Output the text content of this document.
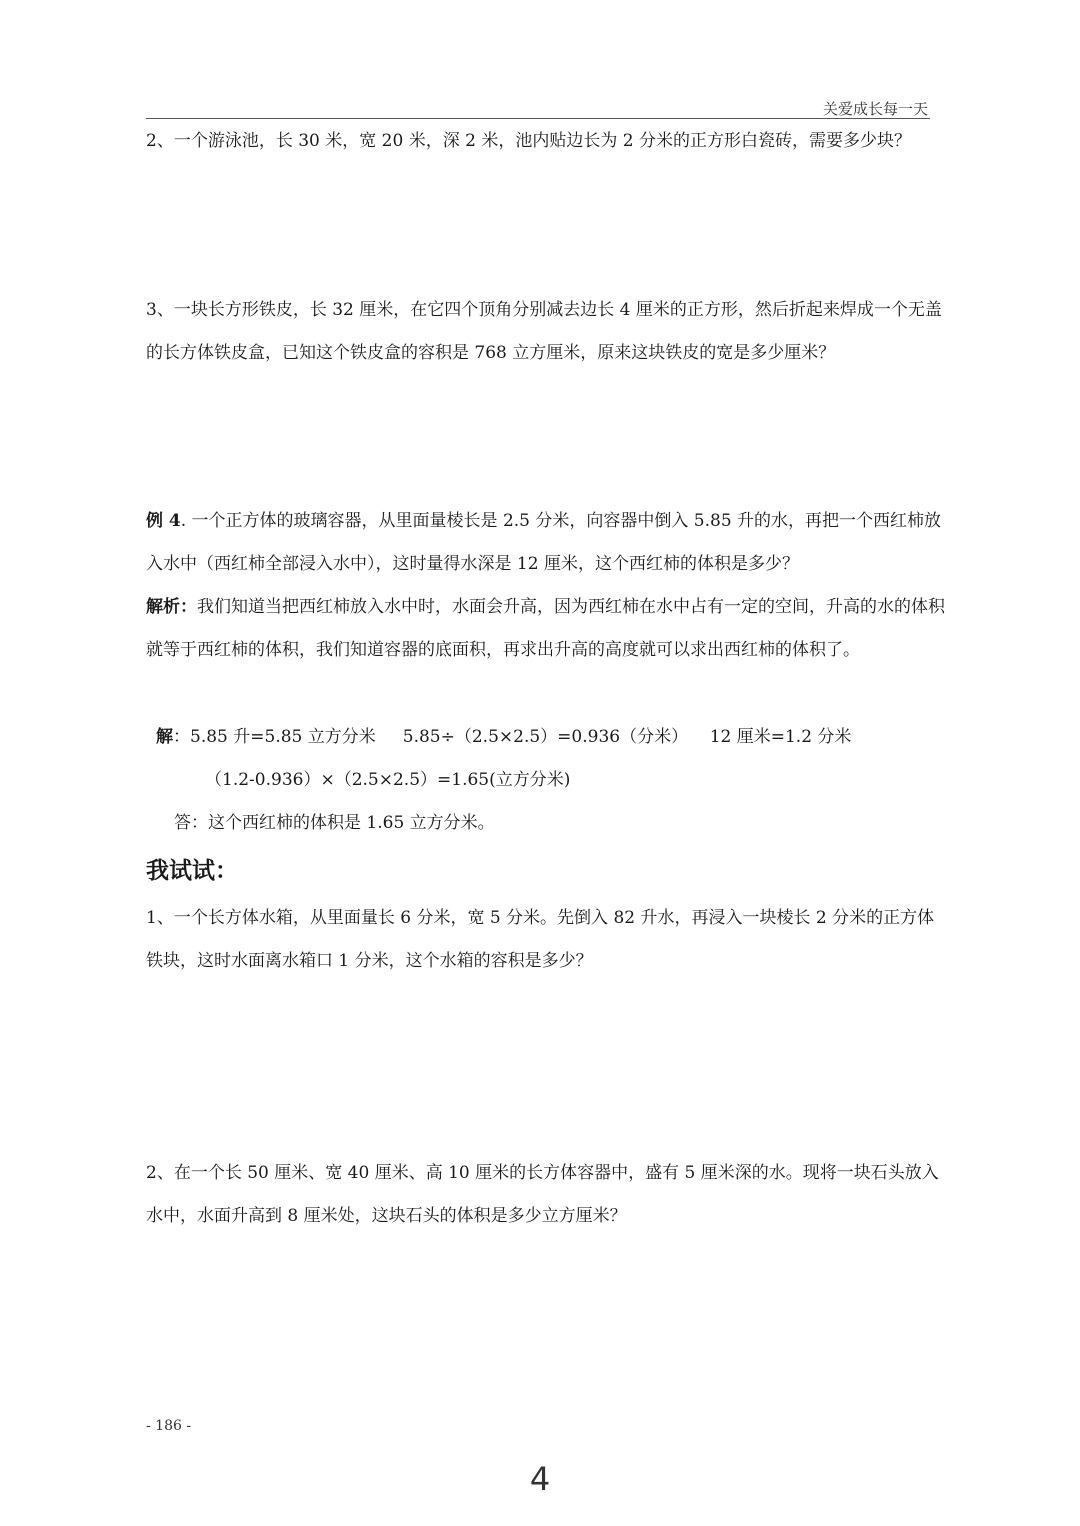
关爱成长每一天
2、一个游泳池，长 30 米，宽 20 米，深 2 米，池内贴边长为 2 分米的正方形白瓷砖，需要多少块？
3、一块长方形铁皮，长 32 厘米，在它四个顶角分别减去边长 4 厘米的正方形，然后折起来焊成一个无盖的长方体铁皮盒，已知这个铁皮盒的容积是 768 立方厘米，原来这块铁皮的宽是多少厘米？
例 4. 一个正方体的玻璃容器，从里面量棱长是 2.5 分米，向容器中倒入 5.85 升的水，再把一个西红柿放入水中（西红柿全部浸入水中），这时量得水深是 12 厘米，这个西红柿的体积是多少？
解析：我们知道当把西红柿放入水中时，水面会升高，因为西红柿在水中占有一定的空间，升高的水的体积就等于西红柿的体积，我们知道容器的底面积，再求出升高的高度就可以求出西红柿的体积了。
解：5.85 升=5.85 立方分米     5.85÷（2.5×2.5）=0.936（分米）    12 厘米=1.2 分米
（1.2-0.936）×（2.5×2.5）=1.65(立方分米)
答：这个西红柿的体积是 1.65 立方分米。
我试试：
1、一个长方体水箱，从里面量长 6 分米，宽 5 分米。先倒入 82 升水，再浸入一块棱长 2 分米的正方体铁块，这时水面离水箱口 1 分米，这个水箱的容积是多少？
2、在一个长 50 厘米、宽 40 厘米、高 10 厘米的长方体容器中，盛有 5 厘米深的水。现将一块石头放入水中，水面升高到 8 厘米处，这块石头的体积是多少立方厘米？
- 186 -
4
